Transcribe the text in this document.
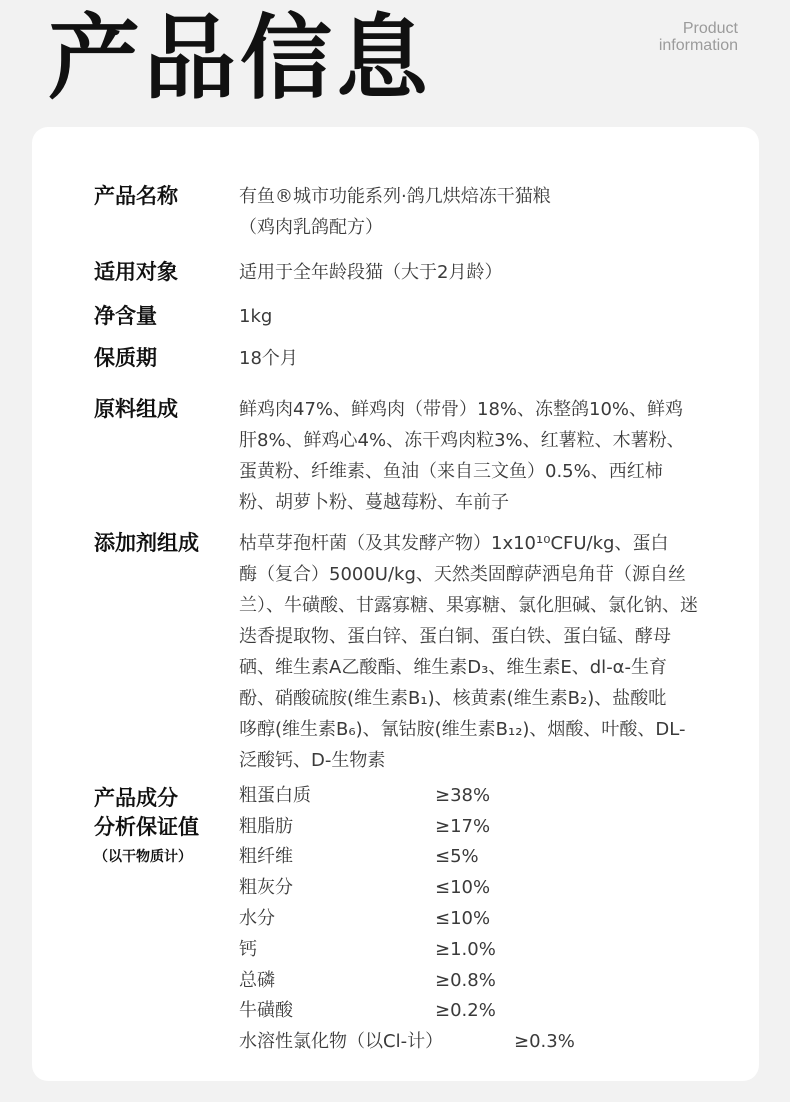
产品信息	Product
information
产品名称	有鱼®城市功能系列·鸽几烘焙冻干猫粮
（鸡肉乳鸽配方）
适用对象	适用于全年龄段猫（大于2月龄）
净含量	1kg
保质期	18个月
原料组成	鲜鸡肉47%、鲜鸡肉（带骨）18%、冻整鸽10%、鲜鸡
肝8%、鲜鸡心4%、冻干鸡肉粒3%、红薯粒、木薯粉、
蛋黄粉、纤维素、鱼油（来自三文鱼）0.5%、西红柿
粉、胡萝卜粉、蔓越莓粉、车前子
添加剂组成 枯草芽孢杆菌（及其发酵产物）1x10¹⁰CFU/kg、蛋白
酶（复合）5000U/kg、天然类固醇萨洒皂角苷（源自丝
兰）、牛磺酸、甘露寡糖、果寡糖、氯化胆碱、氯化钠、迷
迭香提取物、蛋白锌、蛋白铜、蛋白铁、蛋白锰、酵母
硒、维生素A乙酸酯、维生素D₃、维生素E、dl-α-生育
酚、硝酸硫胺(维生素B₁)、核黄素(维生素B₂)、盐酸吡
哆醇(维生素B₆)、氰钴胺(维生素B₁₂)、烟酸、叶酸、DL-
泛酸钙、D-生物素
产品成分
分析保证值
（以干物质计）
粗蛋白质	≥38%
粗脂肪	≥17%
粗纤维	≤5%
粗灰分	≤10%
水分	≤10%
钙	≥1.0%
总磷	≥0.8%
牛磺酸	≥0.2%
水溶性氯化物（以Cl-计）	≥0.3%
